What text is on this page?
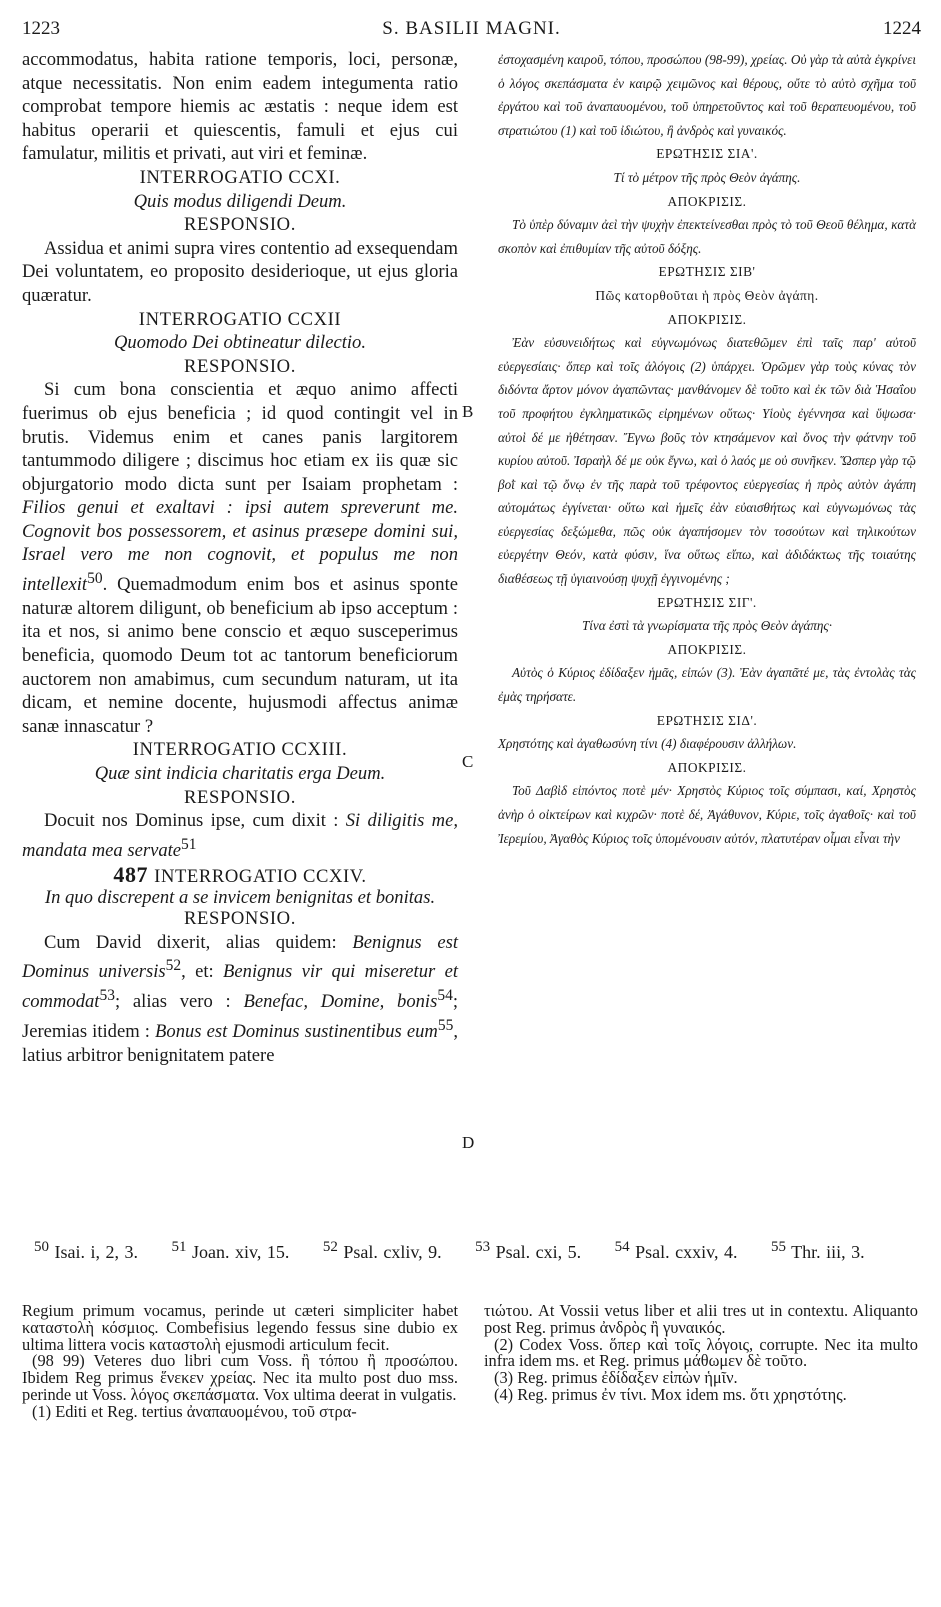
1223	S. BASILII MAGNI.	1224

accommodatus, habita ratione temporis, loci, personæ, atque necessitatis. Non enim eadem integumenta ratio comprobat tempore hiemis ac æstatis : neque idem est habitus operarii et quiescentis, famuli et ejus cui famulatur, militis et privati, aut viri et feminæ.

INTERROGATIO CCXI.

Quis modus diligendi Deum.

RESPONSIO.

Assidua et animi supra vires contentio ad exsequendam Dei voluntatem, eo proposito desiderioque, ut ejus gloria quæratur.

INTERROGATIO CCXII

Quomodo Dei obtineatur dilectio.

RESPONSIO.

Si cum bona conscientia et æquo animo affecti fuerimus ob ejus beneficia ; id quod contingit vel in brutis. Videmus enim et canes panis largitorem tantummodo diligere ; discimus hoc etiam ex iis quæ sic objurgatorio modo dicta sunt per Isaiam prophetam : Filios genui et exaltavi : ipsi autem spreverunt me. Cognovit bos possessorem, et asinus præsepe domini sui, Israel vero me non cognovit, et populus me non intellexit$^{50}$. Quemadmodum enim bos et asinus sponte naturæ altorem diligunt, ob beneficium ab ipso acceptum : ita et nos, si animo bene conscio et æquo susceperimus beneficia, quomodo Deum tot ac tantorum beneficiorum auctorem non amabimus, cum secundum naturam, ut ita dicam, et nemine docente, hujusmodi affectus animæ sanæ innascatur ?

INTERROGATIO CCXIII.

Quæ sint indicia charitatis erga Deum.

RESPONSIO.

Docuit nos Dominus ipse, cum dixit : Si diligitis me, mandata mea servate$^{51}$

487 INTERROGATIO CCXIV.

In quo discrepent a se invicem benignitas et bonitas.

RESPONSIO.

Cum David dixerit, alias quidem: Benignus est Dominus universis$^{52}$, et: Benignus vir qui miseretur et commodat$^{53}$; alias vero : Benefac, Domine, bonis$^{54}$; Jeremias itidem : Bonus est Dominus sustinentibus eum$^{55}$, latius arbitror benignitatem patere

B
C
D

ἐστοχασμένη καιροῦ, τόπου, προσώπου (98-99), χρείας. Οὐ γὰρ τὰ αὐτὰ ἐγκρίνει ὁ λόγος σκεπάσματα ἐν καιρῷ χειμῶνος καὶ θέρους, οὔτε τὸ αὐτὸ σχῆμα τοῦ ἐργάτου καὶ τοῦ ἀναπαυομένου, τοῦ ὑπηρετοῦντος καὶ τοῦ θεραπευομένου, τοῦ στρατιώτου (1) καὶ τοῦ ἰδιώτου, ἢ ἀνδρὸς καὶ γυναικός.

ΕΡΩΤΗΣΙΣ ΣΙΑ'.

Τί τὸ μέτρον τῆς πρὸς Θεὸν ἀγάπης.

ΑΠΟΚΡΙΣΙΣ.

Τὸ ὑπὲρ δύναμιν ἀεὶ τὴν ψυχὴν ἐπεκτείνεσθαι πρὸς τὸ τοῦ Θεοῦ θέλημα, κατὰ σκοπὸν καὶ ἐπιθυμίαν τῆς αὐτοῦ δόξης.

ΕΡΩΤΗΣΙΣ ΣΙΒ'

Πῶς κατορθοῦται ἡ πρὸς Θεὸν ἀγάπη.

ΑΠΟΚΡΙΣΙΣ.

Ἐὰν εὐσυνειδήτως καὶ εὐγνωμόνως διατεθῶμεν ἐπὶ ταῖς παρ' αὐτοῦ εὐεργεσίαις· ὅπερ καὶ τοῖς ἀλόγοις (2) ὑπάρχει. Ὁρῶμεν γὰρ τοὺς κύνας τὸν διδόντα ἄρτον μόνον ἀγαπῶντας· μανθάνομεν δὲ τοῦτο καὶ ἐκ τῶν διὰ Ἡσαΐου τοῦ προφήτου ἐγκληματικῶς εἰρημένων οὕτως· Υἱοὺς ἐγέννησα καὶ ὕψωσα· αὐτοὶ δέ με ἠθέτησαν. Ἔγνω βοῦς τὸν κτησάμενον καὶ ὄνος τὴν φάτνην τοῦ κυρίου αὐτοῦ. Ἰσραὴλ δέ με οὐκ ἔγνω, καὶ ὁ λαός με οὐ συνῆκεν. Ὥσπερ γὰρ τῷ βοῒ καὶ τῷ ὄνῳ ἐν τῆς παρὰ τοῦ τρέφοντος εὐεργεσίας ἡ πρὸς αὐτὸν ἀγάπη αὐτομάτως ἐγγίνεται· οὕτω καὶ ἡμεῖς ἐὰν εὐαισθήτως καὶ εὐγνωμόνως τὰς εὐεργεσίας δεξώμεθα, πῶς οὐκ ἀγαπήσομεν τὸν τοσούτων καὶ τηλικούτων εὐεργέτην Θεόν, κατὰ φύσιν, ἵνα οὕτως εἴπω, καὶ ἀδιδάκτως τῆς τοιαύτης διαθέσεως τῇ ὑγιαινούσῃ ψυχῇ ἐγγινομένης ;

ΕΡΩΤΗΣΙΣ ΣΙΓ'.

Τίνα ἐστὶ τὰ γνωρίσματα τῆς πρὸς Θεὸν ἀγάπης·

ΑΠΟΚΡΙΣΙΣ.

Αὐτὸς ὁ Κύριος ἐδίδαξεν ἡμᾶς, εἰπών (3). Ἐὰν ἀγαπᾶτέ με, τὰς ἐντολὰς τὰς ἐμὰς τηρήσατε.

ΕΡΩΤΗΣΙΣ ΣΙΔ'.

Χρηστότης καὶ ἀγαθωσύνη τίνι (4) διαφέρουσιν ἀλλήλων.

ΑΠΟΚΡΙΣΙΣ.

Τοῦ Δαβὶδ εἰπόντος ποτὲ μέν· Χρηστὸς Κύριος τοῖς σύμπασι, καί, Χρηστὸς ἀνὴρ ὁ οἰκτείρων καὶ κιχρῶν· ποτὲ δέ, Ἀγάθυνον, Κύριε, τοῖς ἀγαθοῖς· καὶ τοῦ Ἰερεμίου, Ἀγαθὸς Κύριος τοῖς ὑπομένουσιν αὐτόν, πλατυτέραν οἶμαι εἶναι τὴν

$^{50}$ Isai. i, 2, 3. $^{51}$ Joan. xiv, 15. $^{52}$ Psal. cxliv, 9. $^{53}$ Psal. cxi, 5. $^{54}$ Psal. cxxiv, 4. $^{55}$ Thr. iii, 3.

Regium primum vocamus, perinde ut cæteri simpliciter habet καταστολὴ κόσμιος. Combefisius legendo fessus sine dubio ex ultima littera vocis καταστολὴ ejusmodi articulum fecit.

(98 99) Veteres duo libri cum Voss. ἢ τόπου ἢ προσώπου. Ibidem Reg primus ἕνεκεν χρείας. Nec ita multo post duo mss. perinde ut Voss. λόγος σκεπάσματα. Vox ultima deerat in vulgatis.

(1) Editi et Reg. tertius ἀναπαυομένου, τοῦ στρα-

τιώτου. At Vossii vetus liber et alii tres ut in contextu. Aliquanto post Reg. primus ἀνδρὸς ἢ γυναικός.

(2) Codex Voss. ὅπερ καὶ τοῖς λόγοις, corrupte. Nec ita multo infra idem ms. et Reg. primus μάθωμεν δὲ τοῦτο.

(3) Reg. primus ἐδίδαξεν εἰπὼν ἡμῖν.

(4) Reg. primus ἐν τίνι. Mox idem ms. ὅτι χρηστότης.
